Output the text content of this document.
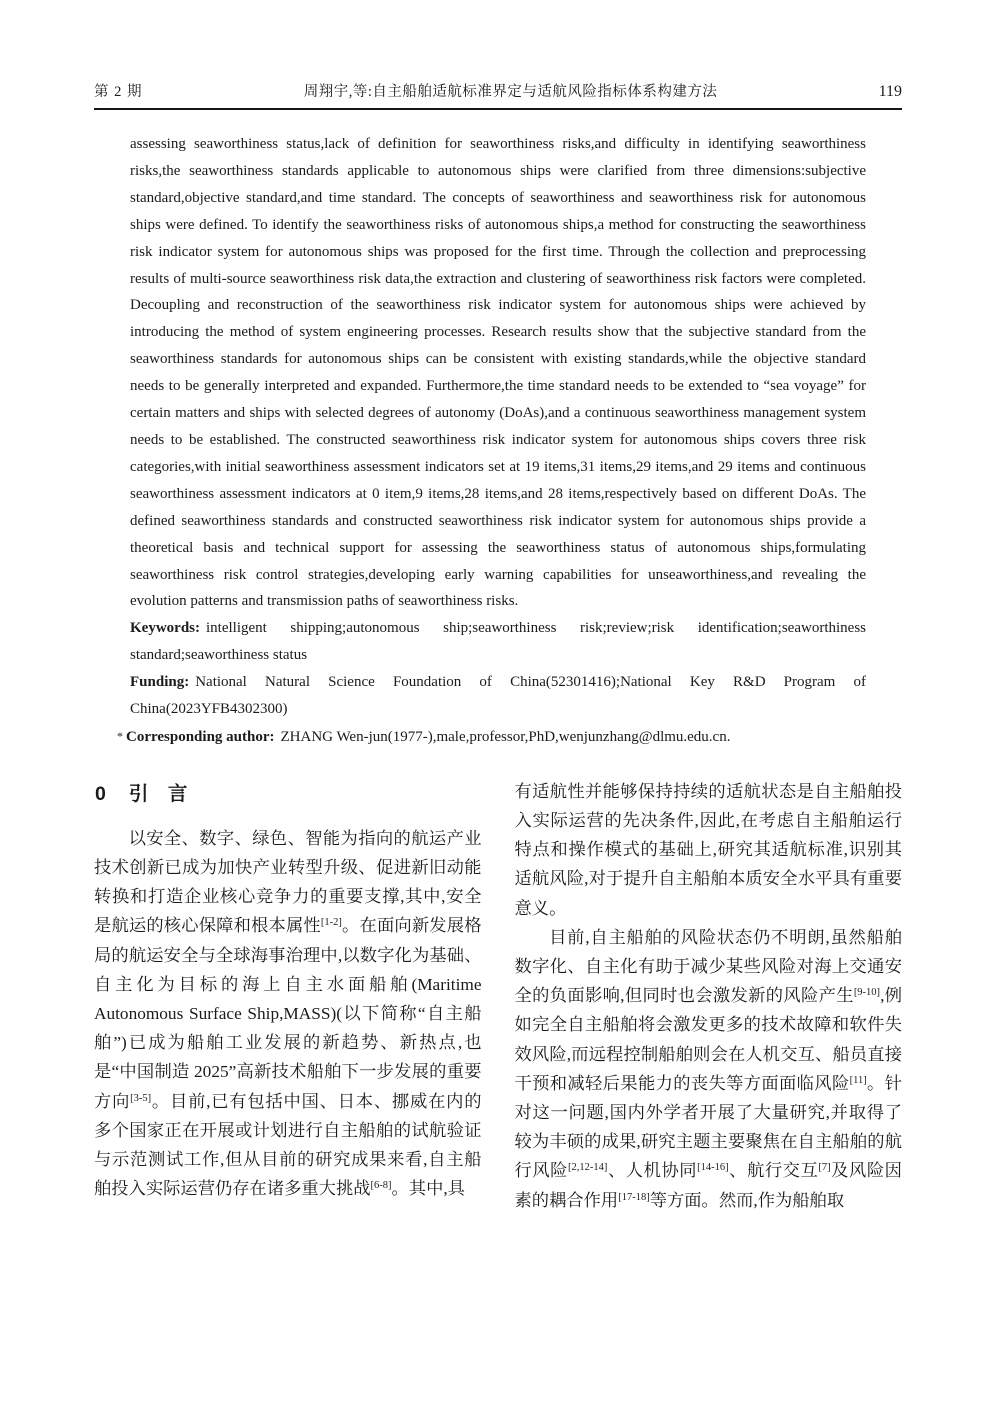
第 2 期	周翔宇,等:自主船舶适航标准界定与适航风险指标体系构建方法	119

assessing seaworthiness status,lack of definition for seaworthiness risks,and difficulty in identifying seaworthiness risks,the seaworthiness standards applicable to autonomous ships were clarified from three dimensions:subjective standard,objective standard,and time standard. The concepts of seaworthiness and seaworthiness risk for autonomous ships were defined. To identify the seaworthiness risks of autonomous ships,a method for constructing the seaworthiness risk indicator system for autonomous ships was proposed for the first time. Through the collection and preprocessing results of multi-source seaworthiness risk data,the extraction and clustering of seaworthiness risk factors were completed. Decoupling and reconstruction of the seaworthiness risk indicator system for autonomous ships were achieved by introducing the method of system engineering processes. Research results show that the subjective standard from the seaworthiness standards for autonomous ships can be consistent with existing standards,while the objective standard needs to be generally interpreted and expanded. Furthermore,the time standard needs to be extended to “sea voyage” for certain matters and ships with selected degrees of autonomy (DoAs),and a continuous seaworthiness management system needs to be established. The constructed seaworthiness risk indicator system for autonomous ships covers three risk categories,with initial seaworthiness assessment indicators set at 19 items,31 items,29 items,and 29 items and continuous seaworthiness assessment indicators at 0 item,9 items,28 items,and 28 items,respectively based on different DoAs. The defined seaworthiness standards and constructed seaworthiness risk indicator system for autonomous ships provide a theoretical basis and technical support for assessing the seaworthiness status of autonomous ships,formulating seaworthiness risk control strategies,developing early warning capabilities for unseaworthiness,and revealing the evolution patterns and transmission paths of seaworthiness risks.

Keywords: intelligent shipping;autonomous ship;seaworthiness risk;review;risk identification;seaworthiness standard;seaworthiness status

Funding: National Natural Science Foundation of China(52301416);National Key R&D Program of China(2023YFB4302300)

* Corresponding author: ZHANG Wen-jun(1977-),male,professor,PhD,wenjunzhang@dlmu.edu.cn.

0 引　言

以安全、数字、绿色、智能为指向的航运产业技术创新已成为加快产业转型升级、促进新旧动能转换和打造企业核心竞争力的重要支撑,其中,安全是航运的核心保障和根本属性[1-2]。在面向新发展格局的航运安全与全球海事治理中,以数字化为基础、自主化为目标的海上自主水面船舶(Maritime Autonomous Surface Ship,MASS)(以下简称“自主船舶”)已成为船舶工业发展的新趋势、新热点,也是“中国制造 2025”高新技术船舶下一步发展的重要方向[3-5]。目前,已有包括中国、日本、挪威在内的多个国家正在开展或计划进行自主船舶的试航验证与示范测试工作,但从目前的研究成果来看,自主船舶投入实际运营仍存在诸多重大挑战[6-8]。其中,具

有适航性并能够保持持续的适航状态是自主船舶投入实际运营的先决条件,因此,在考虑自主船舶运行特点和操作模式的基础上,研究其适航标准,识别其适航风险,对于提升自主船舶本质安全水平具有重要意义。

目前,自主船舶的风险状态仍不明朗,虽然船舶数字化、自主化有助于减少某些风险对海上交通安全的负面影响,但同时也会激发新的风险产生[9-10],例如完全自主船舶将会激发更多的技术故障和软件失效风险,而远程控制船舶则会在人机交互、船员直接干预和减轻后果能力的丧失等方面面临风险[11]。针对这一问题,国内外学者开展了大量研究,并取得了较为丰硕的成果,研究主题主要聚焦在自主船舶的航行风险[2,12-14]、人机协同[14-16]、航行交互[7]及风险因素的耦合作用[17-18]等方面。然而,作为船舶取
